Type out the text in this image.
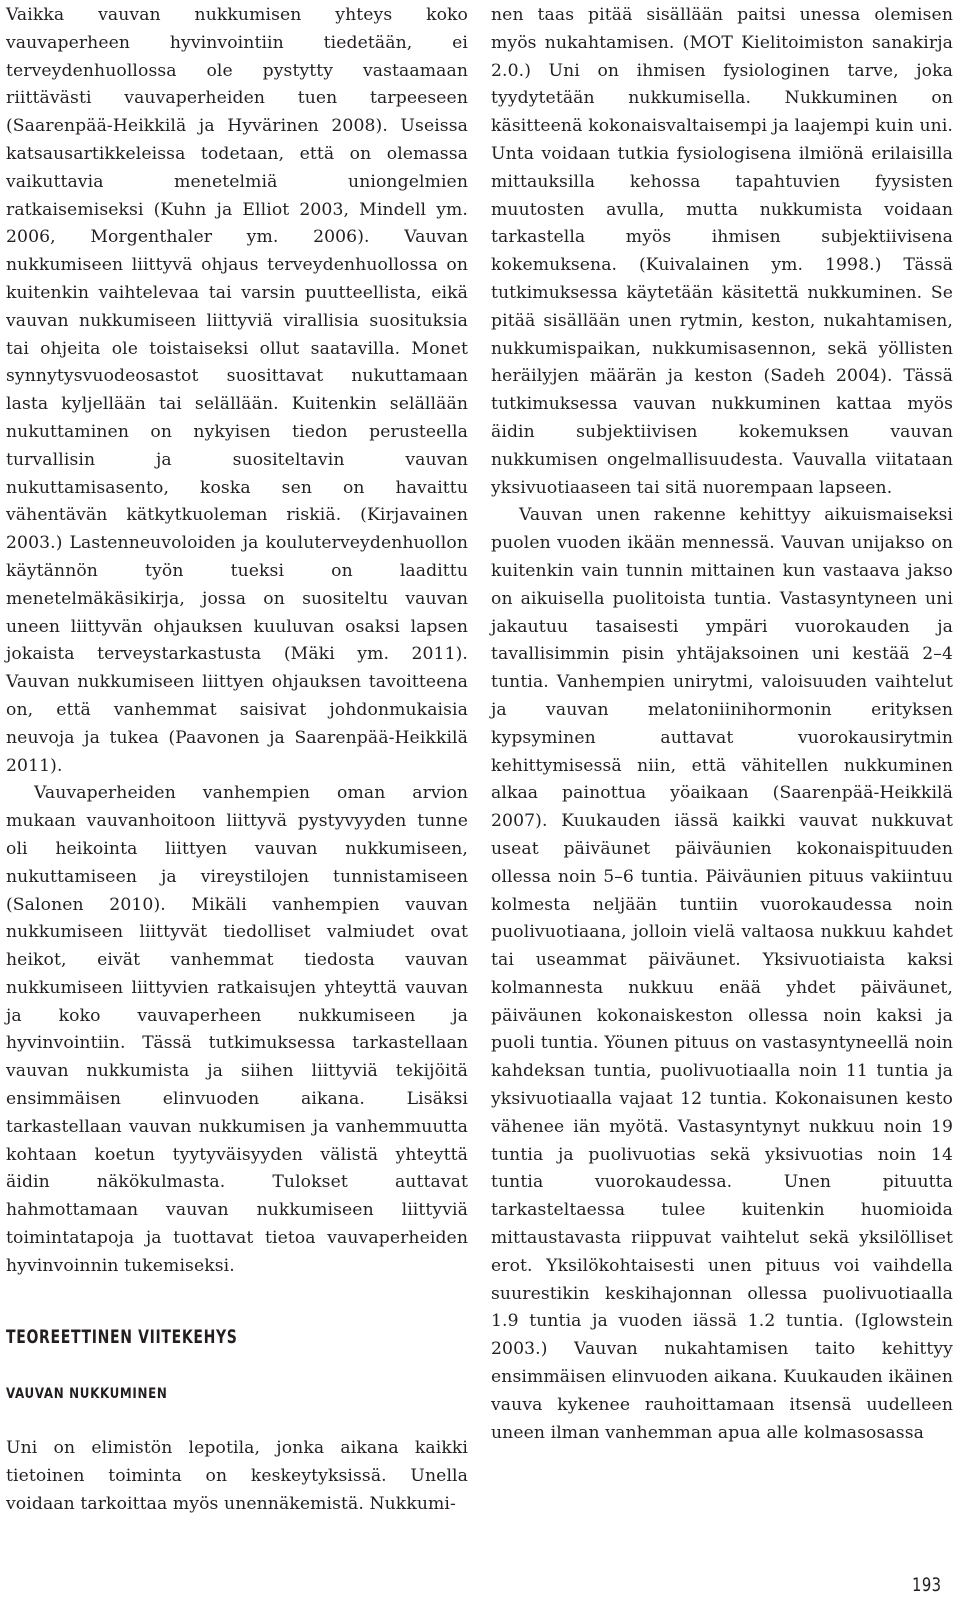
Vaikka vauvan nukkumisen yhteys koko vauvaperheen hyvinvointiin tiedetään, ei terveydenhuollossa ole pystytty vastaamaan riittävästi vauvaperheiden tuen tarpeeseen (Saarenpää-Heikkilä ja Hyvärinen 2008). Useissa katsausartikkeleissa todetaan, että on olemassa vaikuttavia menetelmiä uniongelmien ratkaisemiseksi (Kuhn ja Elliot 2003, Mindell ym. 2006, Morgenthaler ym. 2006). Vauvan nukkumiseen liittyvä ohjaus terveydenhuollossa on kuitenkin vaihtelevaa tai varsin puutteellista, eikä vauvan nukkumiseen liittyviä virallisia suosituksia tai ohjeita ole toistaiseksi ollut saatavilla. Monet synnytysvuodeosastot suosittavat nukuttamaan lasta kyljellään tai selällään. Kuitenkin selällään nukuttaminen on nykyisen tiedon perusteella turvallisin ja suositeltavin vauvan nukuttamisasento, koska sen on havaittu vähentävän kätkytkuoleman riskiä. (Kirjavainen 2003.) Lastenneuvoloiden ja kouluterveydenhuollon käytännön työn tueksi on laadittu menetelmäkäsikirja, jossa on suositeltu vauvan uneen liittyvän ohjauksen kuuluvan osaksi lapsen jokaista terveystarkastusta (Mäki ym. 2011). Vauvan nukkumiseen liittyen ohjauksen tavoitteena on, että vanhemmat saisivat johdonmukaisia neuvoja ja tukea (Paavonen ja Saarenpää-Heikkilä 2011).

Vauvaperheiden vanhempien oman arvion mukaan vauvanhoitoon liittyvä pystyvyyden tunne oli heikointa liittyen vauvan nukkumiseen, nukuttamiseen ja vireystilojen tunnistamiseen (Salonen 2010). Mikäli vanhempien vauvan nukkumiseen liittyvät tiedolliset valmiudet ovat heikot, eivät vanhemmat tiedosta vauvan nukkumiseen liittyvien ratkaisujen yhteyttä vauvan ja koko vauvaperheen nukkumiseen ja hyvinvointiin. Tässä tutkimuksessa tarkastellaan vauvan nukkumista ja siihen liittyviä tekijöitä ensimmäisen elinvuoden aikana. Lisäksi tarkastellaan vauvan nukkumisen ja vanhemmuutta kohtaan koetun tyytyväisyyden välistä yhteyttä äidin näkökulmasta. Tulokset auttavat hahmottamaan vauvan nukkumiseen liittyviä toimintatapoja ja tuottavat tietoa vauvaperheiden hyvinvoinnin tukemiseksi.

TEOREETTINEN VIITEKEHYS
VAUVAN NUKKUMINEN

Uni on elimistön lepotila, jonka aikana kaikki tietoinen toiminta on keskeytyksissä. Unella voidaan tarkoittaa myös unennäkemistä. Nukkumi-

nen taas pitää sisällään paitsi unessa olemisen myös nukahtamisen. (MOT Kielitoimiston sanakirja 2.0.) Uni on ihmisen fysiologinen tarve, joka tyydytetään nukkumisella. Nukkuminen on käsitteenä kokonaisvaltaisempi ja laajempi kuin uni. Unta voidaan tutkia fysiologisena ilmiönä erilaisilla mittauksilla kehossa tapahtuvien fyysisten muutosten avulla, mutta nukkumista voidaan tarkastella myös ihmisen subjektiivisena kokemuksena. (Kuivalainen ym. 1998.) Tässä tutkimuksessa käytetään käsitettä nukkuminen. Se pitää sisällään unen rytmin, keston, nukahtamisen, nukkumispaikan, nukkumisasennon, sekä yöllisten heräilyjen määrän ja keston (Sadeh 2004). Tässä tutkimuksessa vauvan nukkuminen kattaa myös äidin subjektiivisen kokemuksen vauvan nukkumisen ongelmallisuudesta. Vauvalla viitataan yksivuotiaaseen tai sitä nuorempaan lapseen.

Vauvan unen rakenne kehittyy aikuismaiseksi puolen vuoden ikään mennessä. Vauvan unijakso on kuitenkin vain tunnin mittainen kun vastaava jakso on aikuisella puolitoista tuntia. Vastasyntyneen uni jakautuu tasaisesti ympäri vuorokauden ja tavallisimmin pisin yhtäjaksoinen uni kestää 2–4 tuntia. Vanhempien unirytmi, valoisuuden vaihtelut ja vauvan melatoniinihormonin erityksen kypsyminen auttavat vuorokausirytmin kehittymisessä niin, että vähitellen nukkuminen alkaa painottua yöaikaan (Saarenpää-Heikkilä 2007). Kuukauden iässä kaikki vauvat nukkuvat useat päiväunet päiväunien kokonaispituuden ollessa noin 5–6 tuntia. Päiväunien pituus vakiintuu kolmesta neljään tuntiin vuorokaudessa noin puolivuotiaana, jolloin vielä valtaosa nukkuu kahdet tai useammat päiväunet. Yksivuotiaista kaksi kolmannesta nukkuu enää yhdet päiväunet, päiväunen kokonaiskeston ollessa noin kaksi ja puoli tuntia. Yöunen pituus on vastasyntyneellä noin kahdeksan tuntia, puolivuotiaalla noin 11 tuntia ja yksivuotiaalla vajaat 12 tuntia. Kokonaisunen kesto vähenee iän myötä. Vastasyntynyt nukkuu noin 19 tuntia ja puolivuotias sekä yksivuotias noin 14 tuntia vuorokaudessa. Unen pituutta tarkasteltaessa tulee kuitenkin huomioida mittaustavasta riippuvat vaihtelut sekä yksilölliset erot. Yksilökohtaisesti unen pituus voi vaihdella suurestikin keskihajonnan ollessa puolivuotiaalla 1.9 tuntia ja vuoden iässä 1.2 tuntia. (Iglowstein 2003.) Vauvan nukahtamisen taito kehittyy ensimmäisen elinvuoden aikana. Kuukauden ikäinen vauva kykenee rauhoittamaan itsensä uudelleen uneen ilman vanhemman apua alle kolmasosassa

193
